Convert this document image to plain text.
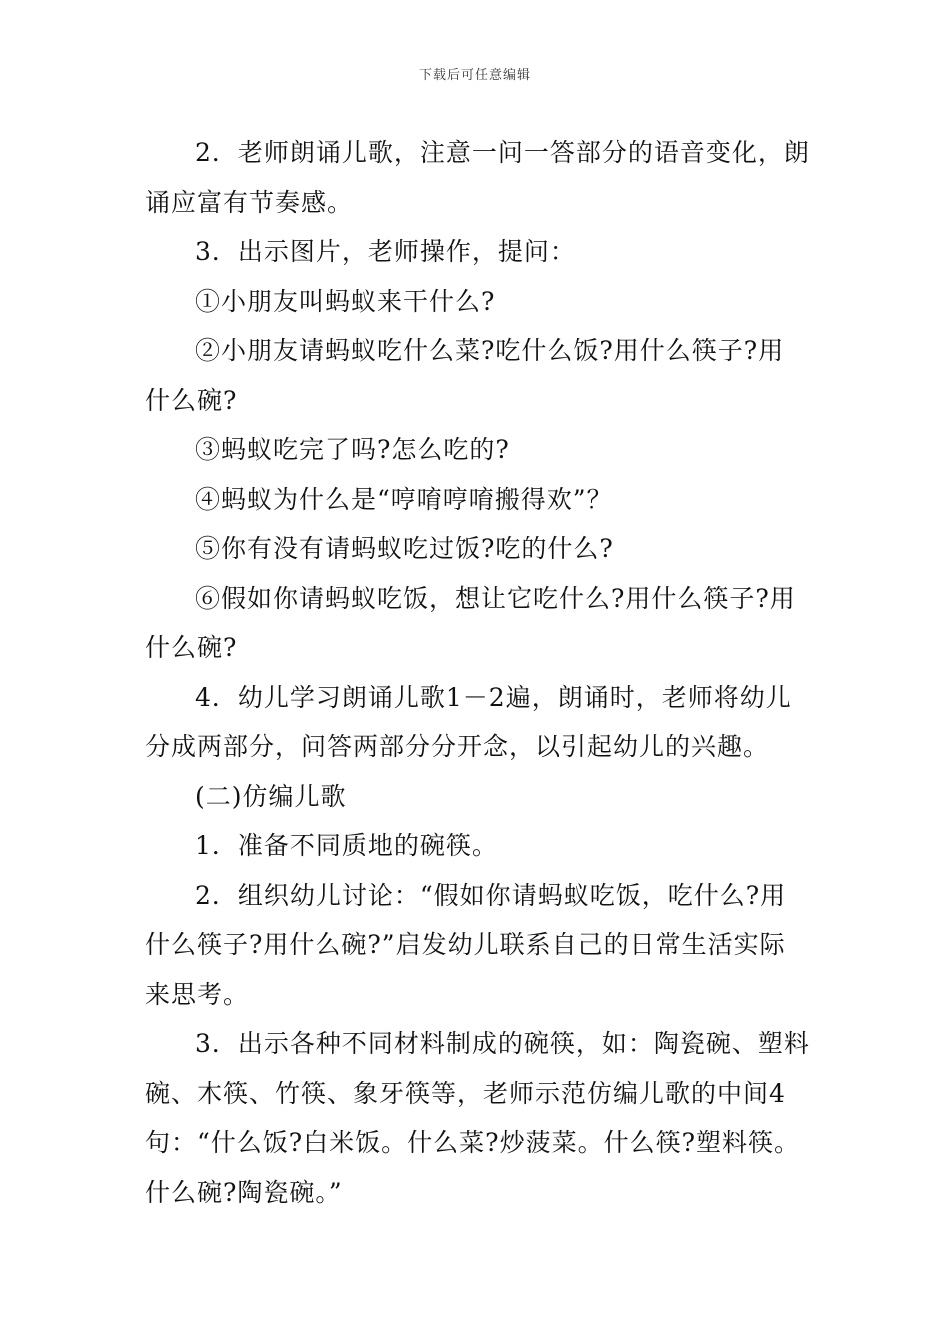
下载后可任意编辑

2．老师朗诵儿歌，注意一问一答部分的语音变化，朗诵应富有节奏感。

3．出示图片，老师操作，提问：

①小朋友叫蚂蚁来干什么?

②小朋友请蚂蚁吃什么菜?吃什么饭?用什么筷子?用什么碗?

③蚂蚁吃完了吗?怎么吃的?

④蚂蚁为什么是“哼唷哼唷搬得欢”？

⑤你有没有请蚂蚁吃过饭?吃的什么?

⑥假如你请蚂蚁吃饭，想让它吃什么?用什么筷子?用什么碗?

4．幼儿学习朗诵儿歌1－2遍，朗诵时，老师将幼儿分成两部分，问答两部分分开念，以引起幼儿的兴趣。

(二)仿编儿歌

1．准备不同质地的碗筷。

2．组织幼儿讨论：“假如你请蚂蚁吃饭，吃什么?用什么筷子?用什么碗?”启发幼儿联系自己的日常生活实际来思考。

3．出示各种不同材料制成的碗筷，如：陶瓷碗、塑料碗、木筷、竹筷、象牙筷等，老师示范仿编儿歌的中间4句：“什么饭?白米饭。什么菜?炒菠菜。什么筷?塑料筷。什么碗?陶瓷碗。”
